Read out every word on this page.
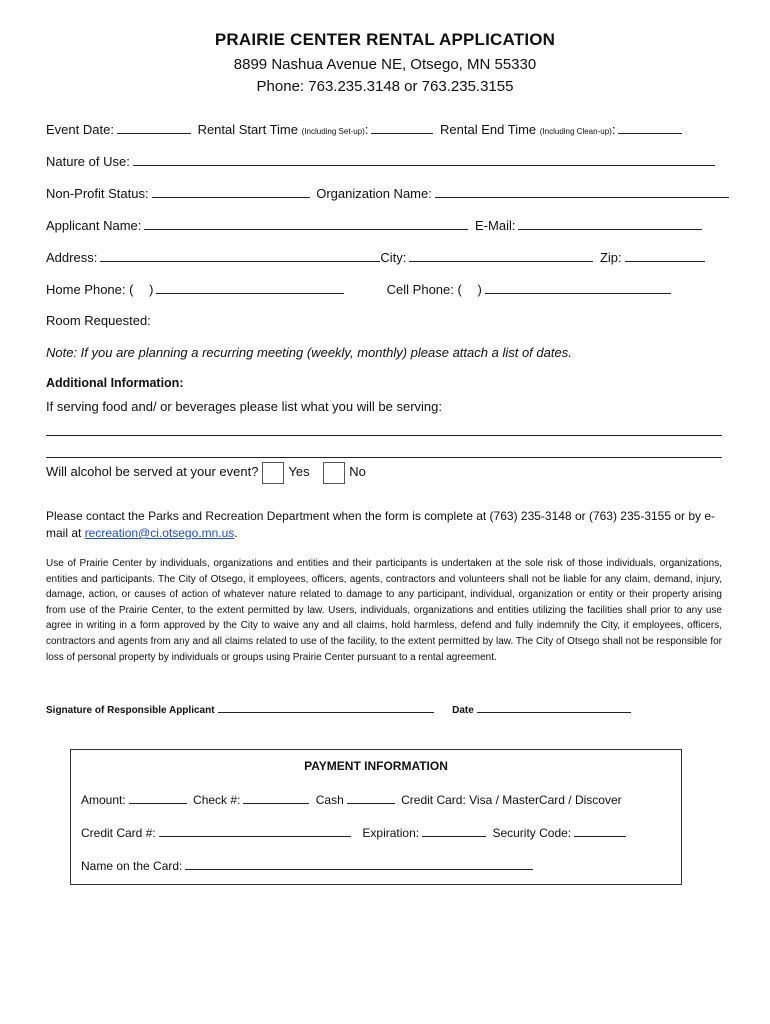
PRAIRIE CENTER RENTAL APPLICATION
8899 Nashua Avenue NE, Otsego, MN 55330
Phone: 763.235.3148 or 763.235.3155
Event Date:	Rental Start Time (Including Set-up):	Rental End Time (Including Clean-up):
Nature of Use:
Non-Profit Status:	Organization Name:
Applicant Name:	E-Mail:
Address:	City:	Zip:
Home Phone: ( )	Cell Phone: ( )
Room Requested:
Note: If you are planning a recurring meeting (weekly, monthly) please attach a list of dates.
Additional Information:
If serving food and/ or beverages please list what you will be serving:
Will alcohol be served at your event? Yes	No
Please contact the Parks and Recreation Department when the form is complete at (763) 235-3148 or (763) 235-3155 or by e-mail at recreation@ci.otsego.mn.us.
Use of Prairie Center by individuals, organizations and entities and their participants is undertaken at the sole risk of those individuals, organizations, entities and participants. The City of Otsego, it employees, officers, agents, contractors and volunteers shall not be liable for any claim, demand, injury, damage, action, or causes of action of whatever nature related to damage to any participant, individual, organization or entity or their property arising from use of the Prairie Center, to the extent permitted by law. Users, individuals, organizations and entities utilizing the facilities shall prior to any use agree in writing in a form approved by the City to waive any and all claims, hold harmless, defend and fully indemnify the City, it employees, officers, contractors and agents from any and all claims related to use of the facility, to the extent permitted by law. The City of Otsego shall not be responsible for loss of personal property by individuals or groups using Prairie Center pursuant to a rental agreement.
Signature of Responsible Applicant	Date
PAYMENT INFORMATION
Amount:	Check #:	Cash	Credit Card: Visa / MasterCard / Discover
Credit Card #:	Expiration:	Security Code:
Name on the Card:
